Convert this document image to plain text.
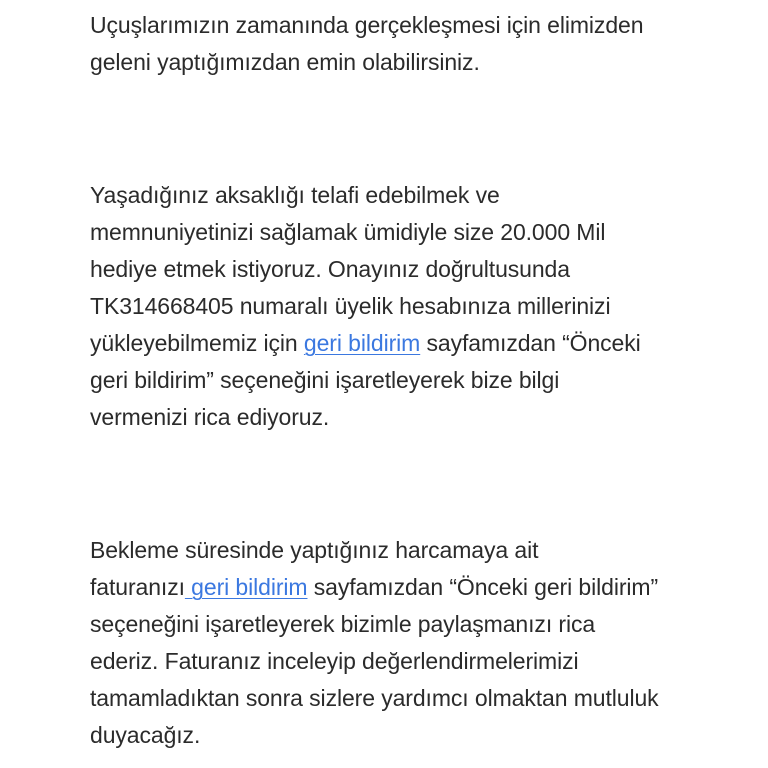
Uçuşlarımızın zamanında gerçekleşmesi için elimizden
geleni yaptığımızdan emin olabilirsiniz.
Yaşadığınız aksaklığı telafi edebilmek ve
memnuniyetinizi sağlamak ümidiyle size 20.000 Mil
hediye etmek istiyoruz. Onayınız doğrultusunda
TK314668405 numaralı üyelik hesabınıza millerinizi
yükleyebilmemiz için geri bildirim sayfamızdan “Önceki
geri bildirim” seçeneğini işaretleyerek bize bilgi
vermenizi rica ediyoruz.
Bekleme süresinde yaptığınız harcamaya ait
faturanızı geri bildirim sayfamızdan “Önceki geri bildirim”
seçeneğini işaretleyerek bizimle paylaşmanızı rica
ederiz. Faturanız inceleyip değerlendirmelerimizi
tamamladıktan sonra sizlere yardımcı olmaktan mutluluk
duyacağız.
